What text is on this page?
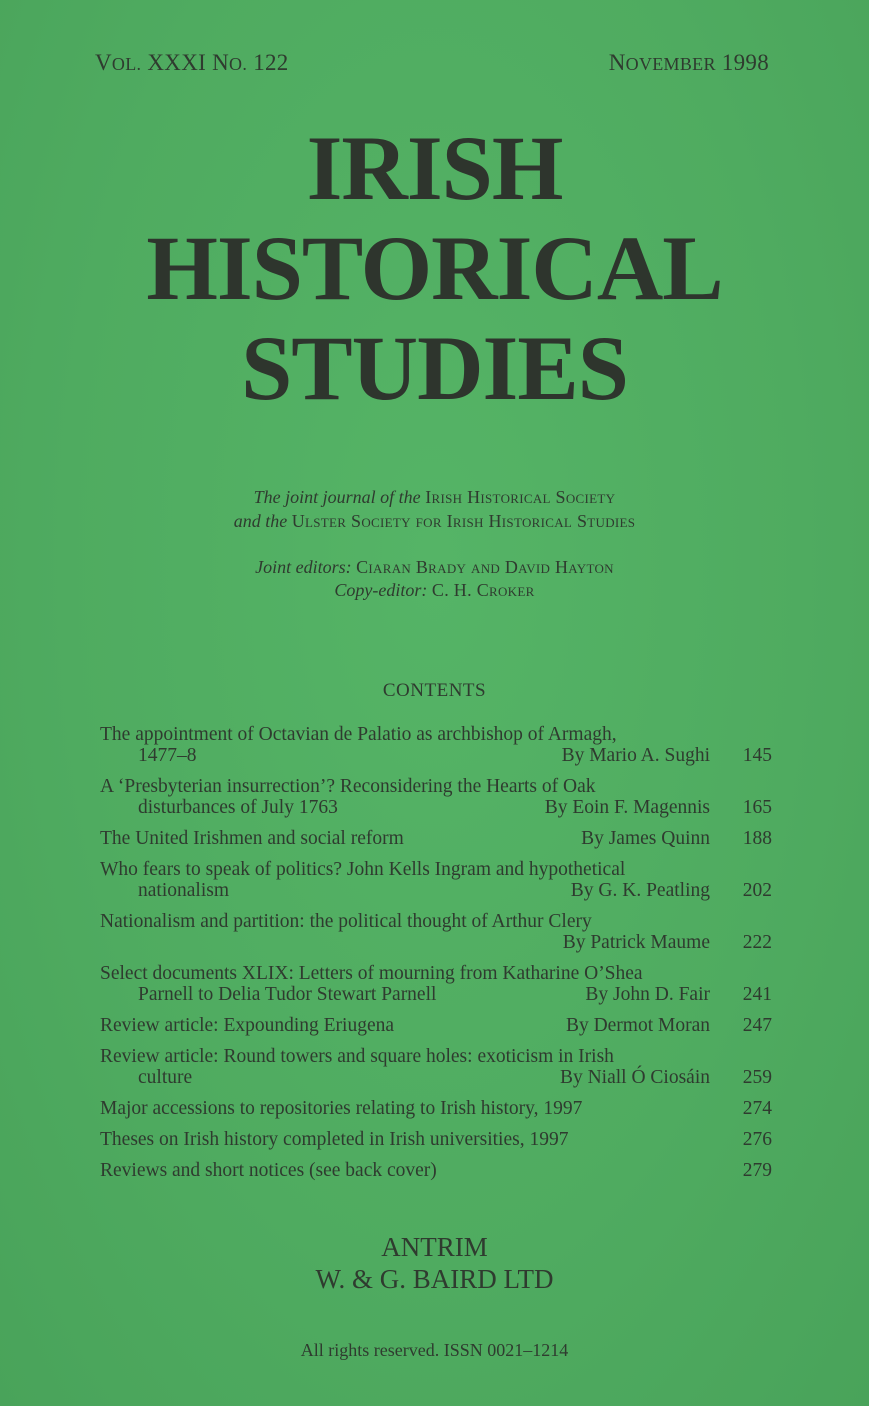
VOL. XXXI NO. 122	NOVEMBER 1998
IRISH
HISTORICAL
STUDIES
The joint journal of the Irish Historical Society
and the Ulster Society for Irish Historical Studies
Joint editors: Ciaran Brady and David Hayton
Copy-editor: C. H. Croker
CONTENTS
The appointment of Octavian de Palatio as archbishop of Armagh,
1477–8	By Mario A. Sughi	145
A ‘Presbyterian insurrection’? Reconsidering the Hearts of Oak
disturbances of July 1763	By Eoin F. Magennis	165
The United Irishmen and social reform	By James Quinn	188
Who fears to speak of politics? John Kells Ingram and hypothetical
nationalism	By G. K. Peatling	202
Nationalism and partition: the political thought of Arthur Clery

By Patrick Maume	222
Select documents XLIX: Letters of mourning from Katharine O’Shea
Parnell to Delia Tudor Stewart Parnell	By John D. Fair	241
Review article: Expounding Eriugena	By Dermot Moran	247
Review article: Round towers and square holes: exoticism in Irish
culture	By Niall Ó Ciosáin	259
Major accessions to repositories relating to Irish history, 1997	274
Theses on Irish history completed in Irish universities, 1997	276
Reviews and short notices (see back cover)	279
ANTRIM
W. & G. BAIRD LTD
All rights reserved. ISSN 0021–1214
